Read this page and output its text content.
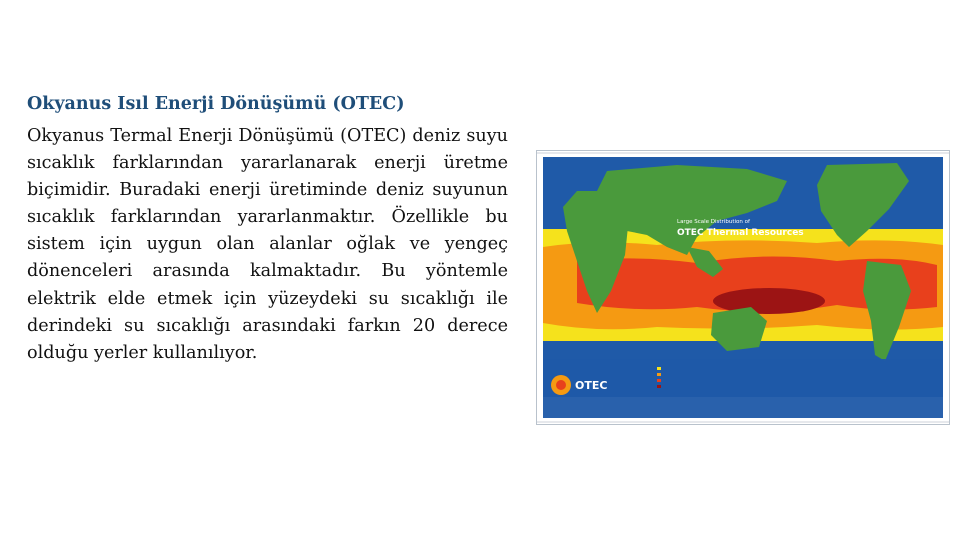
Okyanus Isıl Enerji Dönüşümü (OTEC)
Okyanus Termal Enerji Dönüşümü (OTEC) deniz suyu sıcaklık farklarından yararlanarak enerji üretme biçimidir. Buradaki enerji üretiminde deniz suyunun sıcaklık farklarından yararlanmaktır. Özellikle bu sistem için uygun olan alanlar oğlak ve yengeç dönenceleri arasında kalmaktadır. Bu yöntemle elektrik elde etmek için yüzeydeki su sıcaklığı ile derindeki su sıcaklığı arasındaki farkın 20 derece olduğu yerler kullanılıyor.
Large Scale Distribution of
OTEC Thermal Resources
OTEC
